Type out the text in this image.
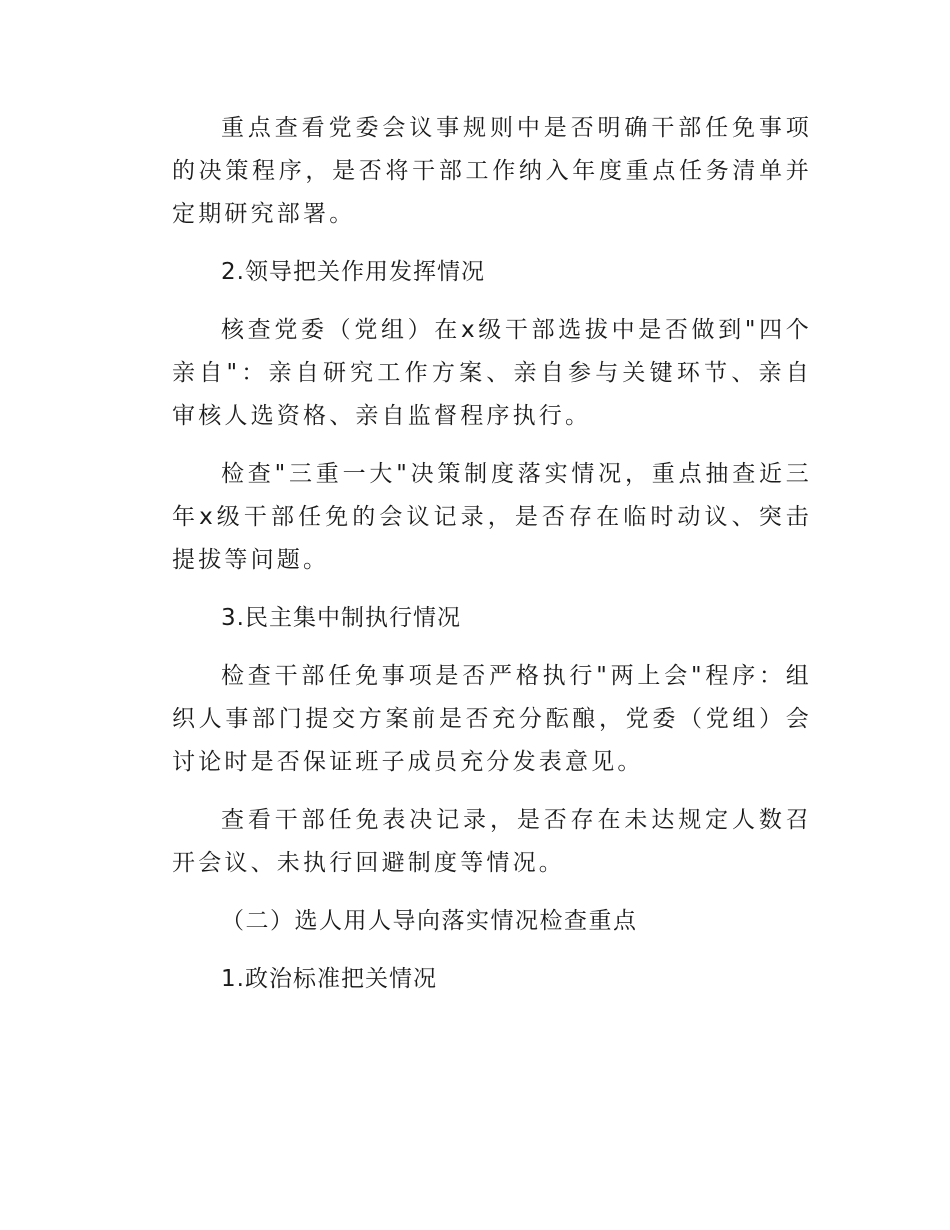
重点查看党委会议事规则中是否明确干部任免事项的决策程序，是否将干部工作纳入年度重点任务清单并定期研究部署。

2.领导把关作用发挥情况

核查党委（党组）在x级干部选拔中是否做到"四个亲自"：亲自研究工作方案、亲自参与关键环节、亲自审核人选资格、亲自监督程序执行。

检查"三重一大"决策制度落实情况，重点抽查近三年x级干部任免的会议记录，是否存在临时动议、突击提拔等问题。

3.民主集中制执行情况

检查干部任免事项是否严格执行"两上会"程序：组织人事部门提交方案前是否充分酝酿，党委（党组）会讨论时是否保证班子成员充分发表意见。

查看干部任免表决记录，是否存在未达规定人数召开会议、未执行回避制度等情况。

（二）选人用人导向落实情况检查重点

1.政治标准把关情况
